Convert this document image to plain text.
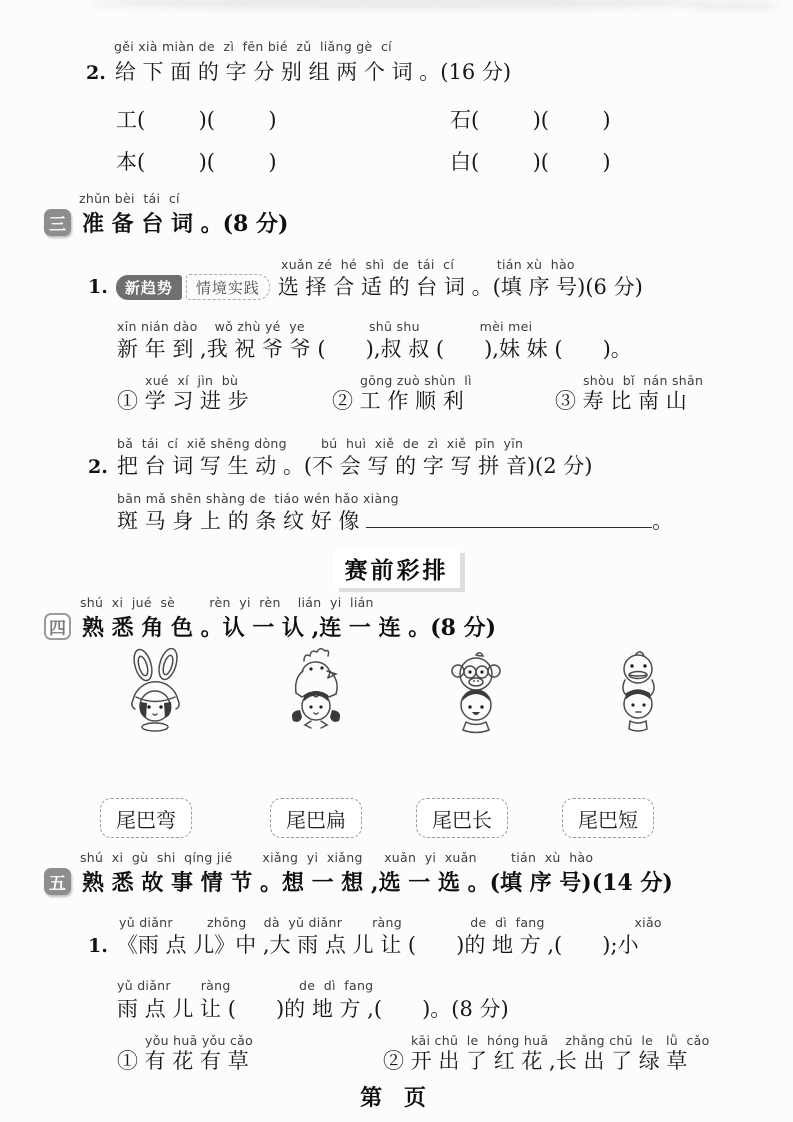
gěi xià miàn de  zì  fēn bié  zǔ  liǎng gè  cí
2. 给 下 面 的 字 分 别 组 两 个 词 。(16 分)
工(        )(        )	石(        )(        )
本(        )(        )	白(        )(        )
zhǔn bèi  tái  cí
三 准 备 台 词 。(8 分)
xuǎn zé  hé  shì  de  tái  cí          tián xù  hào
1.	新趋势	情境实践 选 择 合 适 的 台 词 。(填 序 号)(6 分)
xīn nián dào    wǒ zhù yé  ye               shū shu              mèi mei
新 年 到 ,我 祝 爷 爷 (      ),叔 叔 (      ),妹 妹 (      )。
xué  xí  jìn  bù
① 学 习 进 步
gōng zuò shùn  lì
② 工 作 顺 利
shòu  bǐ  nán shān
③ 寿 比 南 山
bǎ  tái  cí  xiě shēng dòng        bú  huì  xiě  de  zì  xiě  pīn  yīn
2. 把 台 词 写 生 动 。(不 会 写 的 字 写 拼 音)(2 分)
bān mǎ shēn shàng de  tiáo wén hǎo xiàng
斑 马 身 上 的 条 纹 好 像	。
赛前彩排
shú  xi  jué  sè        rèn  yi  rèn    lián  yi  lián
四 熟 悉 角 色 。认 一 认 ,连 一 连 。(8 分)
尾巴弯	尾巴扁	尾巴长	尾巴短
shú  xi  gù  shi  qíng jié       xiǎng  yi  xiǎng     xuǎn  yi  xuǎn        tián  xù  hào
五 熟 悉 故 事 情 节 。想 一 想 ,选 一 选 。(填 序 号)(14 分)
yǔ diǎnr        zhōng    dà  yǔ diǎnr       ràng                de  dì  fang                     xiǎo
1. 《雨 点 儿》中 ,大 雨 点 儿 让 (      )的 地 方 ,(      );小
yǔ diǎnr       ràng                de  dì  fang
雨 点 儿 让 (      )的 地 方 ,(      )。(8 分)
yǒu huā yǒu cǎo
① 有 花 有 草
kāi chū  le  hóng huā    zhǎng chū  le   lǜ  cǎo
② 开 出 了 红 花 ,长 出 了 绿 草
第 页
